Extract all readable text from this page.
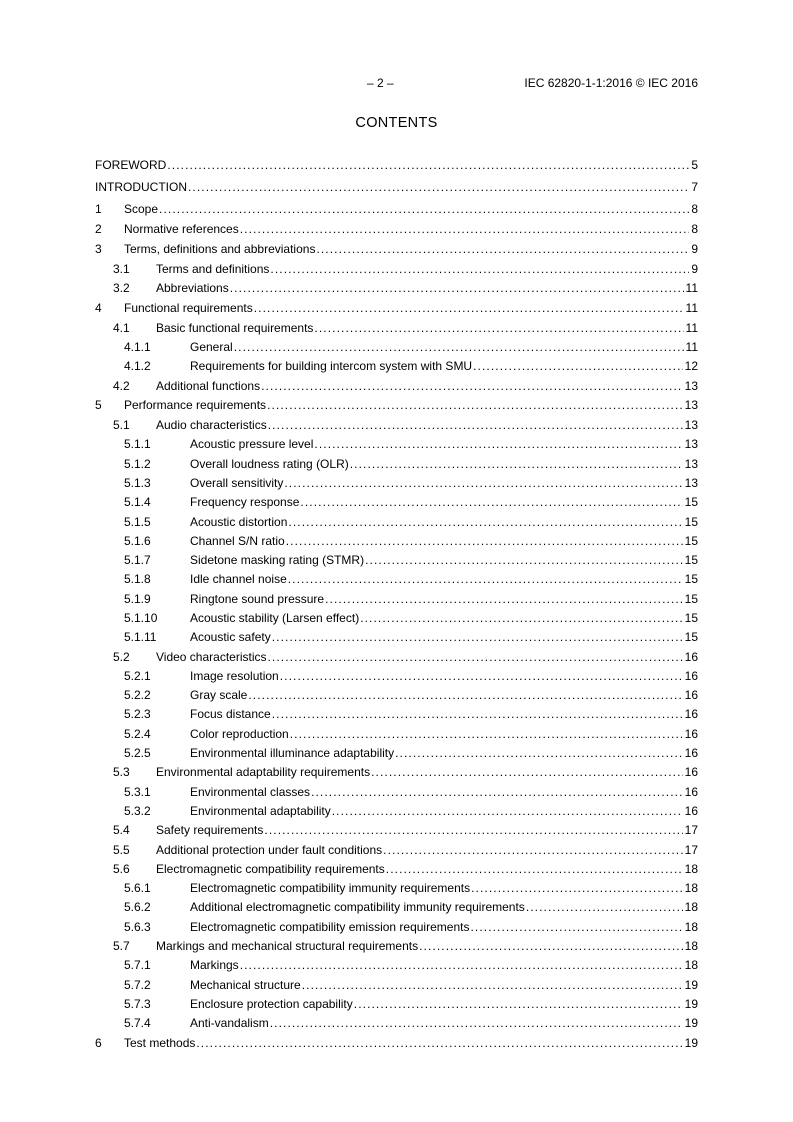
– 2 –	IEC 62820-1-1:2016 © IEC 2016
CONTENTS
FOREWORD .....	5
INTRODUCTION .....	7
1	Scope .....	8
2	Normative references .....	8
3	Terms, definitions and abbreviations .....	9
3.1	Terms and definitions .....	9
3.2	Abbreviations .....	11
4	Functional requirements .....	11
4.1	Basic functional requirements .....	11
4.1.1	General .....	11
4.1.2	Requirements for building intercom system with SMU .....	12
4.2	Additional functions .....	13
5	Performance requirements .....	13
5.1	Audio characteristics .....	13
5.1.1	Acoustic pressure level .....	13
5.1.2	Overall loudness rating (OLR) .....	13
5.1.3	Overall sensitivity .....	13
5.1.4	Frequency response .....	15
5.1.5	Acoustic distortion .....	15
5.1.6	Channel S/N ratio .....	15
5.1.7	Sidetone masking rating (STMR) .....	15
5.1.8	Idle channel noise .....	15
5.1.9	Ringtone sound pressure .....	15
5.1.10	Acoustic stability (Larsen effect) .....	15
5.1.11	Acoustic safety .....	15
5.2	Video characteristics .....	16
5.2.1	Image resolution .....	16
5.2.2	Gray scale .....	16
5.2.3	Focus distance .....	16
5.2.4	Color reproduction .....	16
5.2.5	Environmental illuminance adaptability .....	16
5.3	Environmental adaptability requirements .....	16
5.3.1	Environmental classes .....	16
5.3.2	Environmental adaptability .....	16
5.4	Safety requirements .....	17
5.5	Additional protection under fault conditions .....	17
5.6	Electromagnetic compatibility requirements .....	18
5.6.1	Electromagnetic compatibility immunity requirements .....	18
5.6.2	Additional electromagnetic compatibility immunity requirements .....	18
5.6.3	Electromagnetic compatibility emission requirements .....	18
5.7	Markings and mechanical structural requirements .....	18
5.7.1	Markings .....	18
5.7.2	Mechanical structure .....	19
5.7.3	Enclosure protection capability .....	19
5.7.4	Anti-vandalism .....	19
6	Test methods .....	19
